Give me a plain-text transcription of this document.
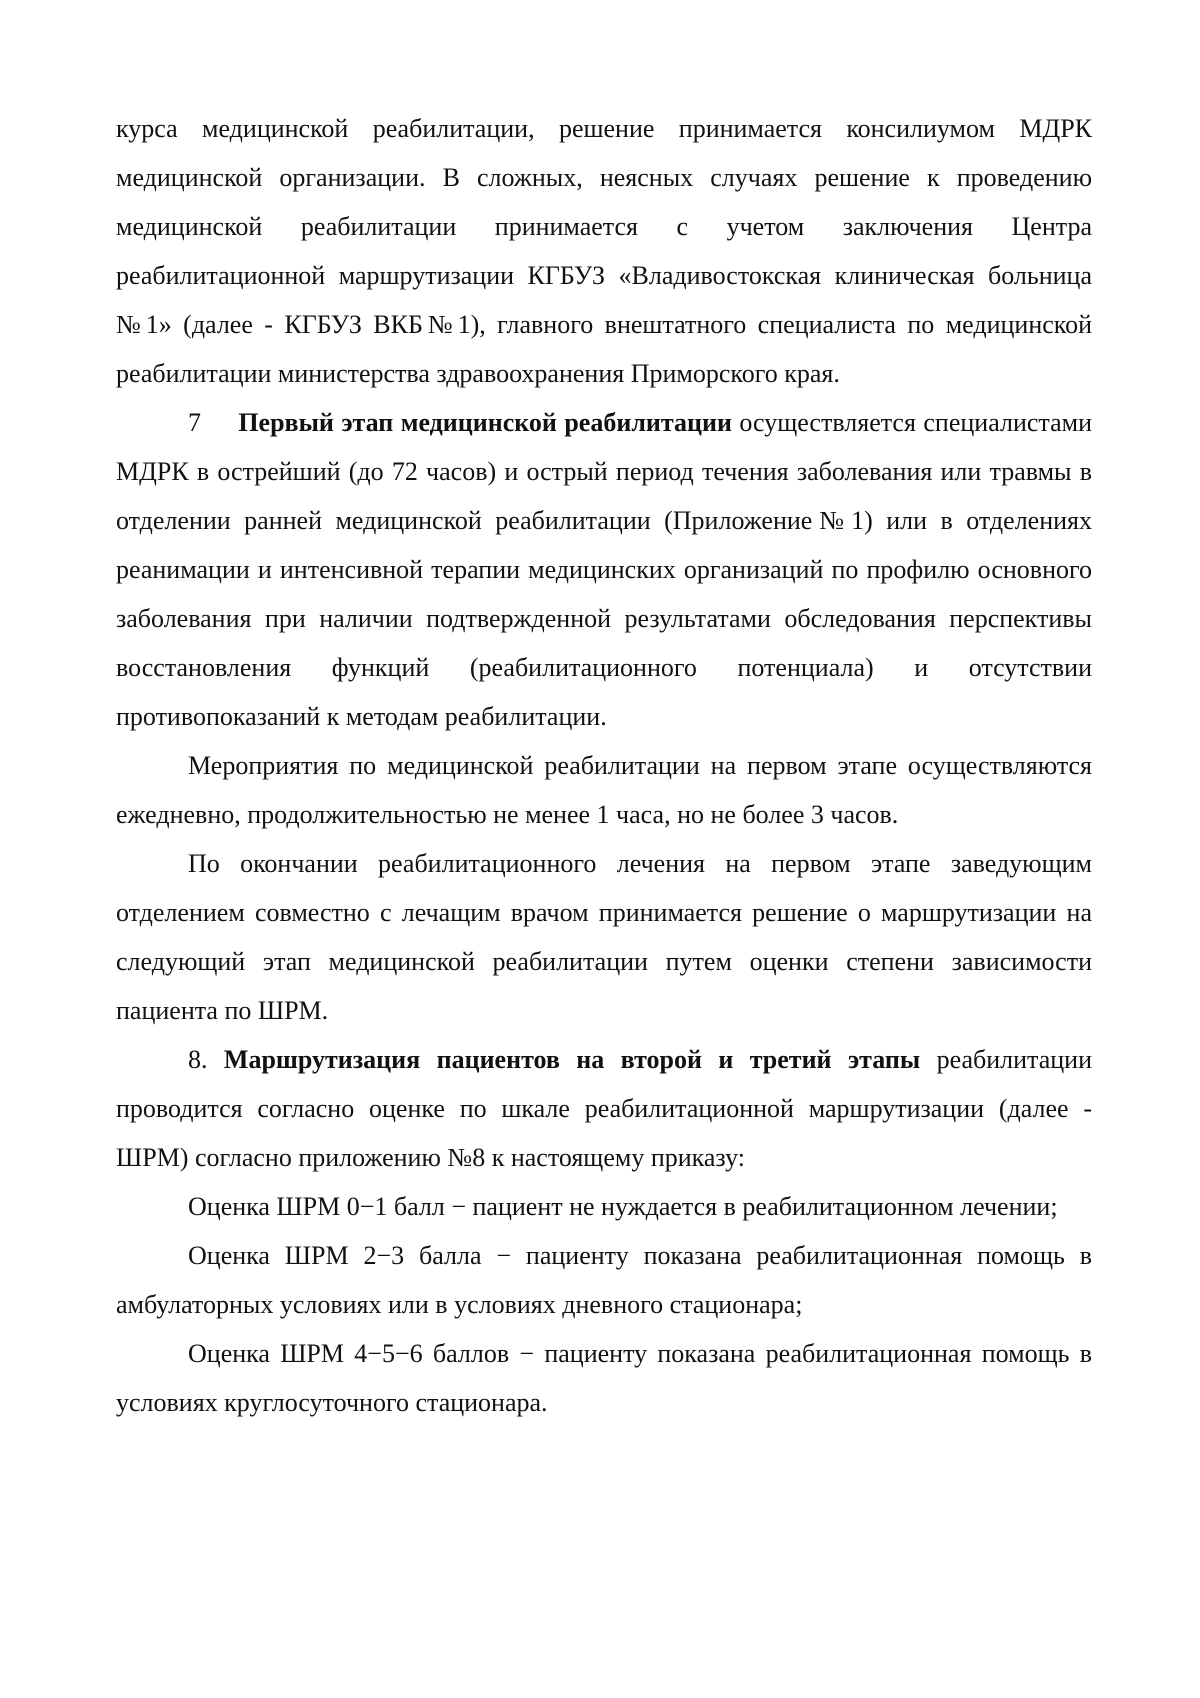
курса медицинской реабилитации, решение принимается консилиумом МДРК медицинской организации. В сложных, неясных случаях решение к проведению медицинской реабилитации принимается с учетом заключения Центра реабилитационной маршрутизации КГБУЗ «Владивостокская клиническая больница №1» (далее - КГБУЗ ВКБ№1), главного внештатного специалиста по медицинской реабилитации министерства здравоохранения Приморского края.

7 Первый этап медицинской реабилитации осуществляется специалистами МДРК в острейший (до 72 часов) и острый период течения заболевания или травмы в отделении ранней медицинской реабилитации (Приложение№1) или в отделениях реанимации и интенсивной терапии медицинских организаций по профилю основного заболевания при наличии подтвержденной результатами обследования перспективы восстановления функций (реабилитационного потенциала) и отсутствии противопоказаний к методам реабилитации.

Мероприятия по медицинской реабилитации на первом этапе осуществляются ежедневно, продолжительностью не менее 1 часа, но не более 3 часов.

По окончании реабилитационного лечения на первом этапе заведующим отделением совместно с лечащим врачом принимается решение о маршрутизации на следующий этап медицинской реабилитации путем оценки степени зависимости пациента по ШРМ.

8. Маршрутизация пациентов на второй и третий этапы реабилитации проводится согласно оценке по шкале реабилитационной маршрутизации (далее - ШРМ) согласно приложению №8 к настоящему приказу:

Оценка ШРМ 0−1 балл − пациент не нуждается в реабилитационном лечении;

Оценка ШРМ 2−3 балла − пациенту показана реабилитационная помощь в амбулаторных условиях или в условиях дневного стационара;

Оценка ШРМ 4−5−6 баллов − пациенту показана реабилитационная помощь в условиях круглосуточного стационара.
